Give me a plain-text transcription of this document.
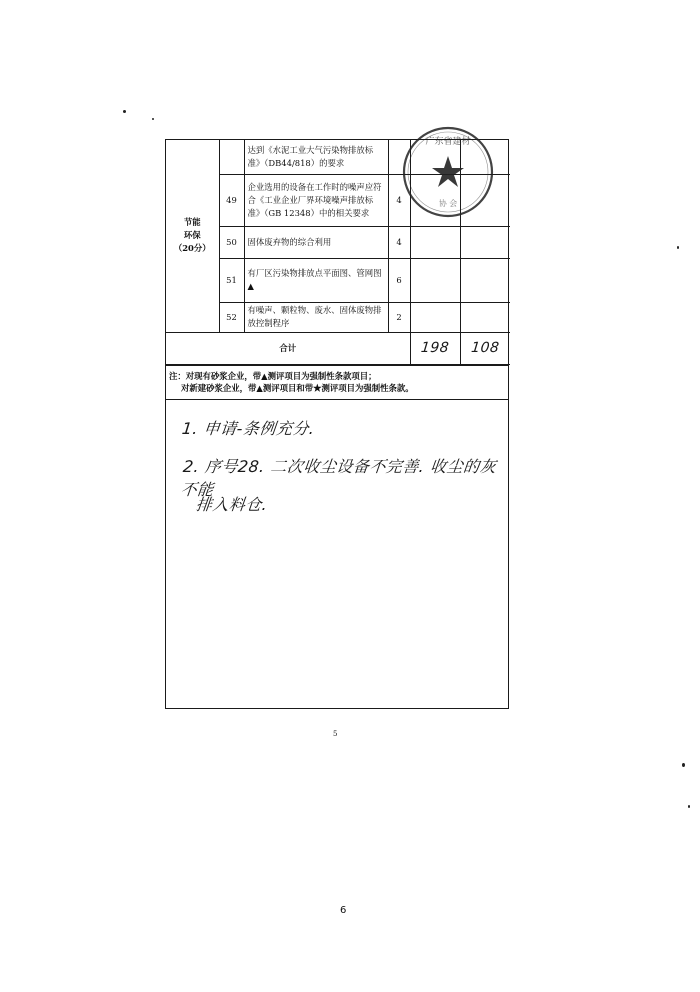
节能
环保
（20分）		达到《水泥工业大气污染物排放标准》（DB44/818）的要求			
	49	企业选用的设备在工作时的噪声应符合《工业企业厂界环境噪声排放标准》（GB 12348）中的相关要求	4		
	50	固体废弃物的综合利用	4		
	51	有厂区污染物排放点平面图、管网图▲	6		
	52	有噪声、颗粒物、废水、固体废物排放控制程序	2		
合计				198	108
注：对现有砂浆企业，带▲测评项目为强制性条款项目；
对新建砂浆企业，带▲测评项目和带★测评项目为强制性条款。
1. 申请-条例充分.
2. 序号28. 二次收尘设备不完善. 收尘的灰不能
排入料仓.
广东省建材
协 会
5
6
